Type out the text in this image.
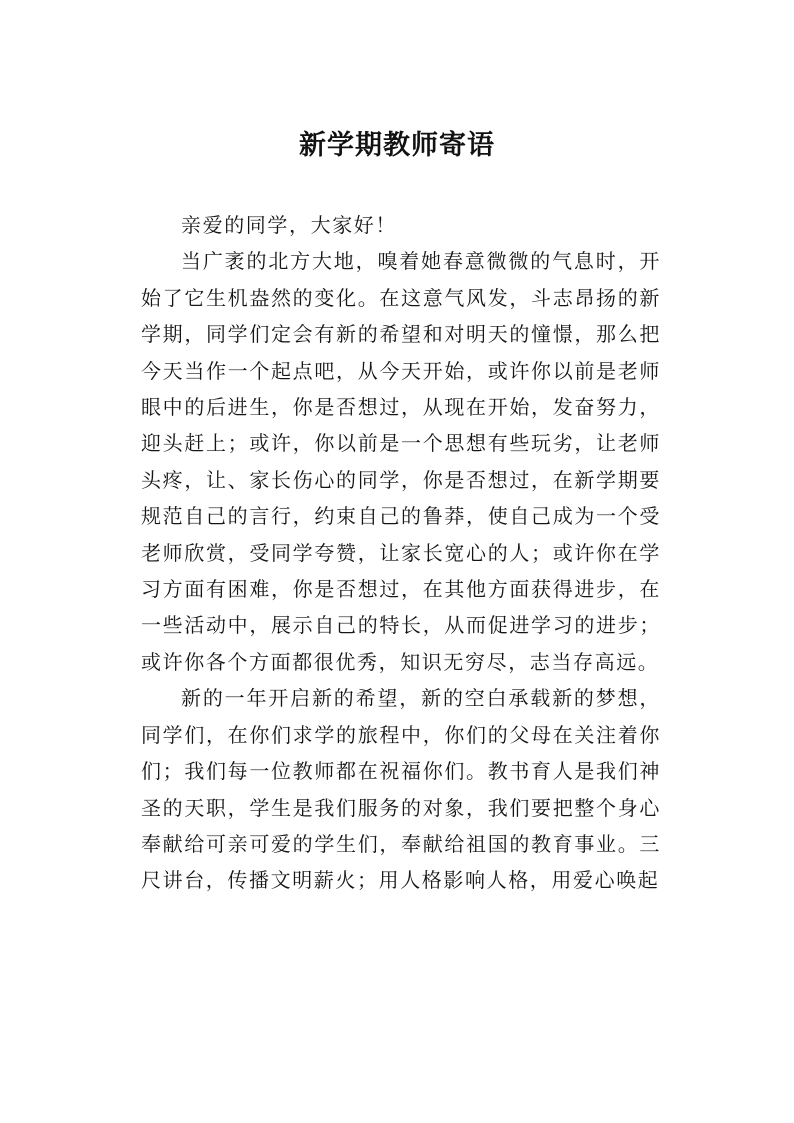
新学期教师寄语

亲爱的同学，大家好！

当广袤的北方大地，嗅着她春意微微的气息时，开始了它生机盎然的变化。在这意气风发，斗志昂扬的新学期，同学们定会有新的希望和对明天的憧憬，那么把今天当作一个起点吧，从今天开始，或许你以前是老师眼中的后进生，你是否想过，从现在开始，发奋努力，迎头赶上；或许，你以前是一个思想有些玩劣，让老师头疼，让、家长伤心的同学，你是否想过，在新学期要规范自己的言行，约束自己的鲁莽，使自己成为一个受老师欣赏，受同学夸赞，让家长宽心的人；或许你在学习方面有困难，你是否想过，在其他方面获得进步，在一些活动中，展示自己的特长，从而促进学习的进步；或许你各个方面都很优秀，知识无穷尽，志当存高远。

新的一年开启新的希望，新的空白承载新的梦想，同学们，在你们求学的旅程中，你们的父母在关注着你们；我们每一位教师都在祝福你们。教书育人是我们神圣的天职，学生是我们服务的对象，我们要把整个身心奉献给可亲可爱的学生们，奉献给祖国的教育事业。三尺讲台，传播文明薪火；用人格影响人格，用爱心唤起
